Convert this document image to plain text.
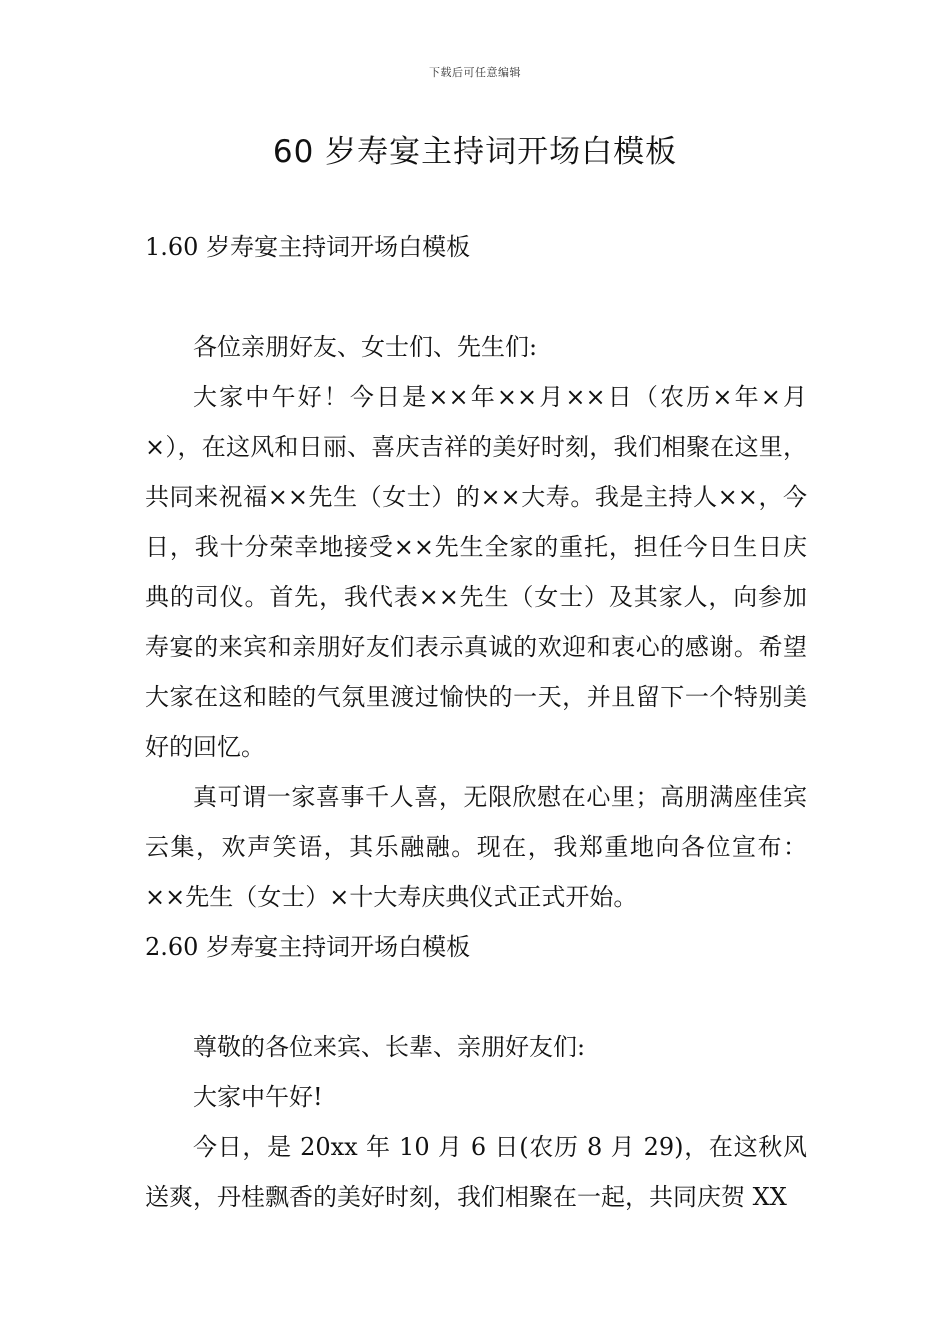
下载后可任意编辑
60 岁寿宴主持词开场白模板
1.60 岁寿宴主持词开场白模板

各位亲朋好友、女士们、先生们:

大家中午好！今日是××年××月××日（农历×年×月×），在这风和日丽、喜庆吉祥的美好时刻，我们相聚在这里，共同来祝福××先生（女士）的××大寿。我是主持人××，今日，我十分荣幸地接受××先生全家的重托，担任今日生日庆典的司仪。首先，我代表××先生（女士）及其家人，向参加寿宴的来宾和亲朋好友们表示真诚的欢迎和衷心的感谢。希望大家在这和睦的气氛里渡过愉快的一天，并且留下一个特别美好的回忆。

真可谓一家喜事千人喜，无限欣慰在心里；高朋满座佳宾云集，欢声笑语，其乐融融。现在，我郑重地向各位宣布：××先生（女士）×十大寿庆典仪式正式开始。

2.60 岁寿宴主持词开场白模板

尊敬的各位来宾、长辈、亲朋好友们:

大家中午好!

今日，是 20xx 年 10 月 6 日(农历 8 月 29)，在这秋风送爽，丹桂飘香的美好时刻，我们相聚在一起，共同庆贺 XX
